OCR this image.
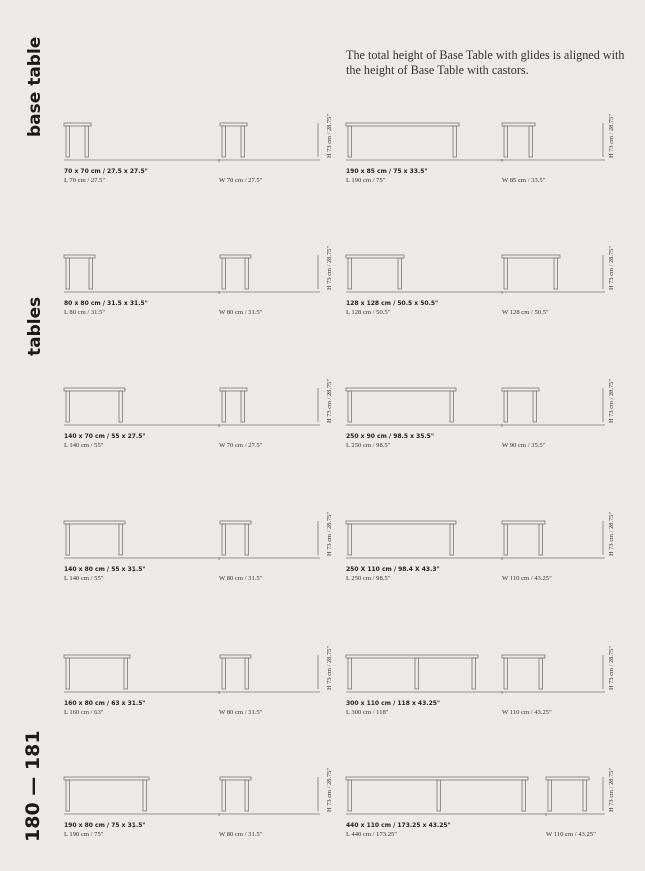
base table
tables
180 — 181
The total height of Base Table with glides is aligned with the height of Base Table with castors.
H 73 cm / 28.75"
70 x 70 cm / 27.5 x 27.5"
L 70 cm / 27.5"	W 70 cm / 27.5"
H 73 cm / 28.75"
190 x 85 cm / 75 x 33.5"
L 190 cm / 75"	W 85 cm / 33.5"
H 73 cm / 28.75"
80 x 80 cm / 31.5 x 31.5"
L 80 cm / 31.5"	W 80 cm / 31.5"
H 73 cm / 28.75"
128 x 128 cm / 50.5 x 50.5"
L 128 cm / 50.5"	W 128 cm / 50.5"
H 73 cm / 28.75"
140 x 70 cm / 55 x 27.5"
L 140 cm / 55"	W 70 cm / 27.5"
H 73 cm / 28.75"
250 x 90 cm / 98.5 x 35.5"
L 250 cm / 98.5"	W 90 cm / 35.5"
H 73 cm / 28.75"
140 x 80 cm / 55 x 31.5"
L 140 cm / 55"	W 80 cm / 31.5"
H 73 cm / 28.75"
250 X 110 cm / 98.4 X 43.3"
L 250 cm / 98.5"	W 110 cm / 43.25"
H 73 cm / 28.75"
160 x 80 cm / 63 x 31.5"
L 160 cm / 63"	W 80 cm / 31.5"
H 73 cm / 28.75"
300 x 110 cm / 118 x 43.25"
L 300 cm / 118"	W 110 cm / 43.25"
H 73 cm / 28.75"
190 x 80 cm / 75 x 31.5"
L 190 cm / 75"	W 80 cm / 31.5"
H 73 cm / 28.75"
440 x 110 cm / 173.25 x 43.25"
L 440 cm / 173.25"	W 110 cm / 43.25"
